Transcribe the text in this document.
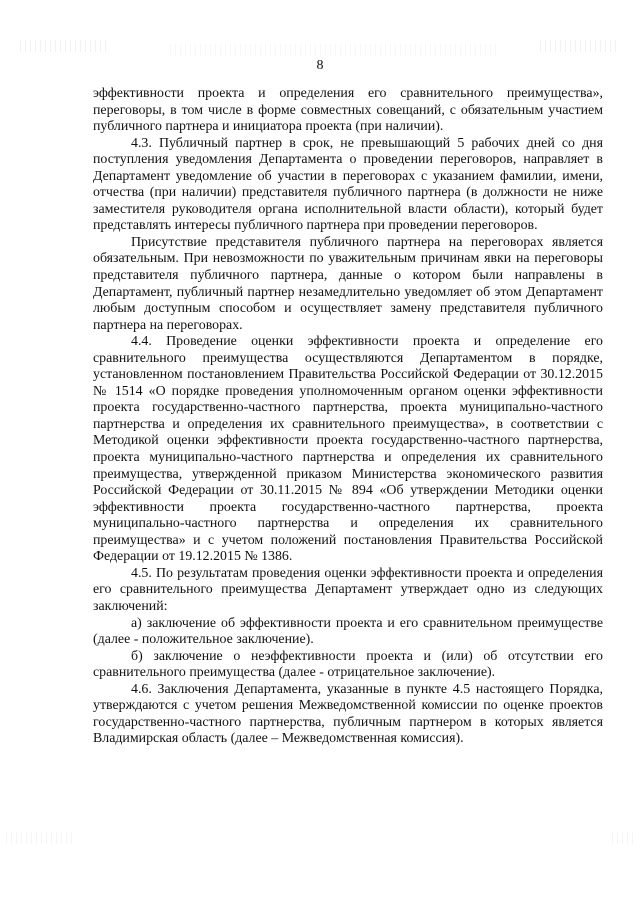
8

эффективности проекта и определения его сравнительного преимущества», переговоры, в том числе в форме совместных совещаний, с обязательным участием публичного партнера и инициатора проекта (при наличии).

4.3. Публичный партнер в срок, не превышающий 5 рабочих дней со дня поступления уведомления Департамента о проведении переговоров, направляет в Департамент уведомление об участии в переговорах с указанием фамилии, имени, отчества (при наличии) представителя публичного партнера (в должности не ниже заместителя руководителя органа исполнительной власти области), который будет представлять интересы публичного партнера при проведении переговоров.

Присутствие представителя публичного партнера на переговорах является обязательным. При невозможности по уважительным причинам явки на переговоры представителя публичного партнера, данные о котором были направлены в Департамент, публичный партнер незамедлительно уведомляет об этом Департамент любым доступным способом и осуществляет замену представителя публичного партнера на переговорах.

4.4. Проведение оценки эффективности проекта и определение его сравнительного преимущества осуществляются Департаментом в порядке, установленном постановлением Правительства Российской Федерации от 30.12.2015 № 1514 «О порядке проведения уполномоченным органом оценки эффективности проекта государственно-частного партнерства, проекта муниципально-частного партнерства и определения их сравнительного преимущества», в соответствии с Методикой оценки эффективности проекта государственно-частного партнерства, проекта муниципально-частного партнерства и определения их сравнительного преимущества, утвержденной приказом Министерства экономического развития Российской Федерации от 30.11.2015 № 894 «Об утверждении Методики оценки эффективности проекта государственно-частного партнерства, проекта муниципально-частного партнерства и определения их сравнительного преимущества» и с учетом положений постановления Правительства Российской Федерации от 19.12.2015 № 1386.

4.5. По результатам проведения оценки эффективности проекта и определения его сравнительного преимущества Департамент утверждает одно из следующих заключений:

а) заключение об эффективности проекта и его сравнительном преимуществе (далее - положительное заключение).

б) заключение о неэффективности проекта и (или) об отсутствии его сравнительного преимущества (далее - отрицательное заключение).

4.6. Заключения Департамента, указанные в пункте 4.5 настоящего Порядка, утверждаются с учетом решения Межведомственной комиссии по оценке проектов государственно-частного партнерства, публичным партнером в которых является Владимирская область (далее – Межведомственная комиссия).
